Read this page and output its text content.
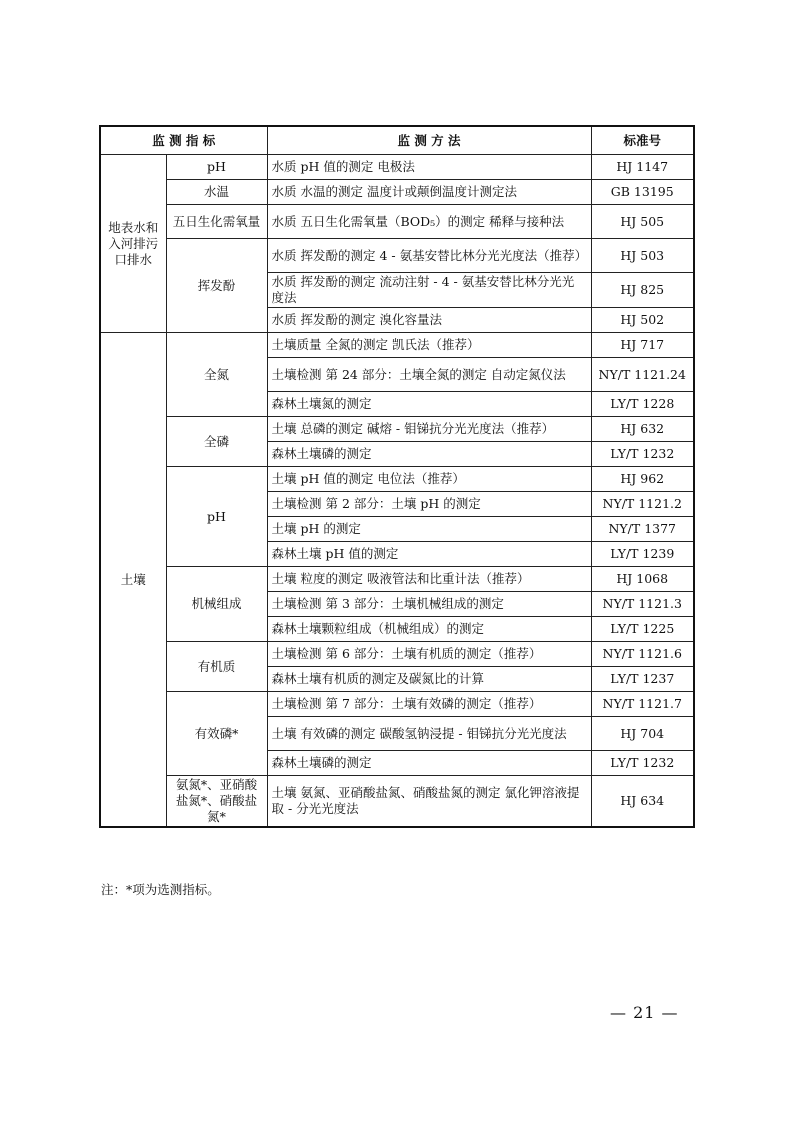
监 测 指 标		监 测 方 法	标准号
地表水和入河排污口排水	pH	水质 pH 值的测定 电极法	HJ 1147
	水温	水质 水温的测定 温度计或颠倒温度计测定法	GB 13195
	五日生化需氧量	水质 五日生化需氧量（BOD₅）的测定 稀释与接种法	HJ 505
	挥发酚	水质 挥发酚的测定 4 - 氨基安替比林分光光度法（推荐）	HJ 503
		水质 挥发酚的测定 流动注射 - 4 - 氨基安替比林分光光度法	HJ 825
		水质 挥发酚的测定 溴化容量法	HJ 502
土壤	全氮	土壤质量 全氮的测定 凯氏法（推荐）	HJ 717
		土壤检测 第 24 部分：土壤全氮的测定 自动定氮仪法	NY/T 1121.24
		森林土壤氮的测定	LY/T 1228
	全磷	土壤 总磷的测定 碱熔 - 钼锑抗分光光度法（推荐）	HJ 632
		森林土壤磷的测定	LY/T 1232
	pH	土壤 pH 值的测定 电位法（推荐）	HJ 962
		土壤检测 第 2 部分：土壤 pH 的测定	NY/T 1121.2
		土壤 pH 的测定	NY/T 1377
		森林土壤 pH 值的测定	LY/T 1239
	机械组成	土壤 粒度的测定 吸液管法和比重计法（推荐）	HJ 1068
		土壤检测 第 3 部分：土壤机械组成的测定	NY/T 1121.3
		森林土壤颗粒组成（机械组成）的测定	LY/T 1225
	有机质	土壤检测 第 6 部分：土壤有机质的测定（推荐）	NY/T 1121.6
		森林土壤有机质的测定及碳氮比的计算	LY/T 1237
	有效磷*	土壤检测 第 7 部分：土壤有效磷的测定（推荐）	NY/T 1121.7
		土壤 有效磷的测定 碳酸氢钠浸提 - 钼锑抗分光光度法	HJ 704
		森林土壤磷的测定	LY/T 1232
	氨氮*、亚硝酸盐氮*、硝酸盐氮*	土壤 氨氮、亚硝酸盐氮、硝酸盐氮的测定 氯化钾溶液提取 - 分光光度法	HJ 634
注：*项为选测指标。
— 21 —
